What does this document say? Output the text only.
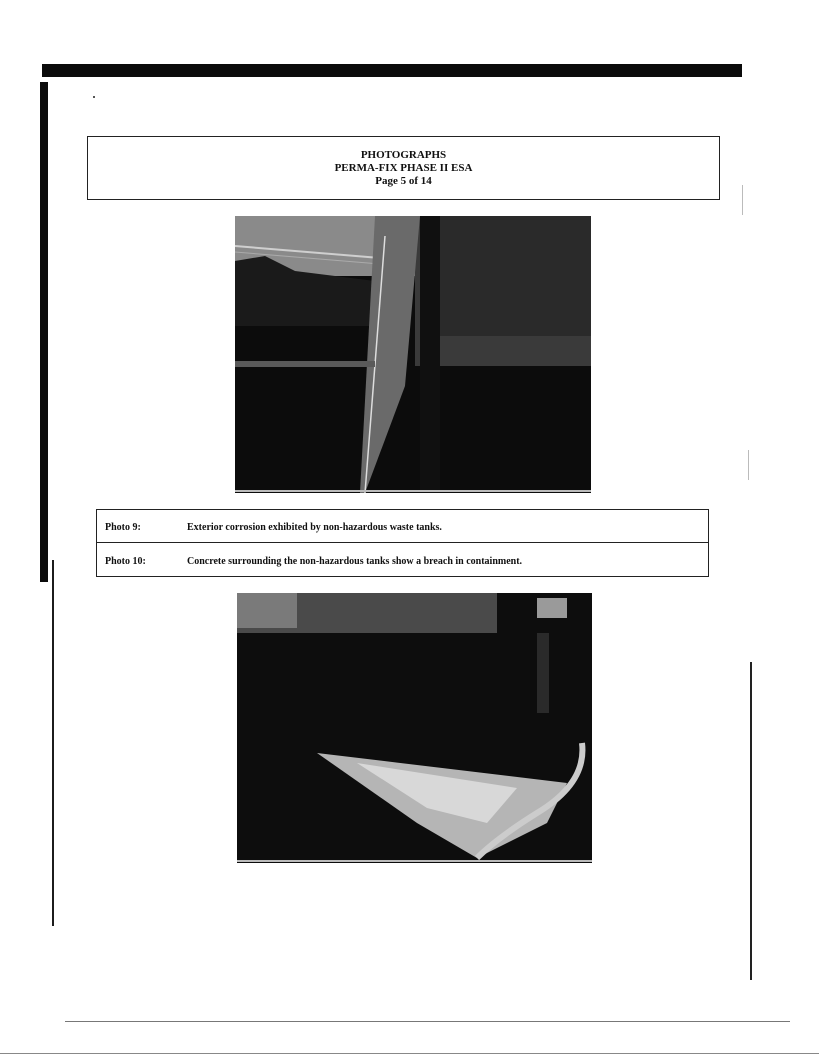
PHOTOGRAPHS
PERMA-FIX PHASE II ESA
Page 5 of 14
Photo 9:	Exterior corrosion exhibited by non-hazardous waste tanks.
Photo 10:	Concrete surrounding the non-hazardous tanks show a breach in containment.
